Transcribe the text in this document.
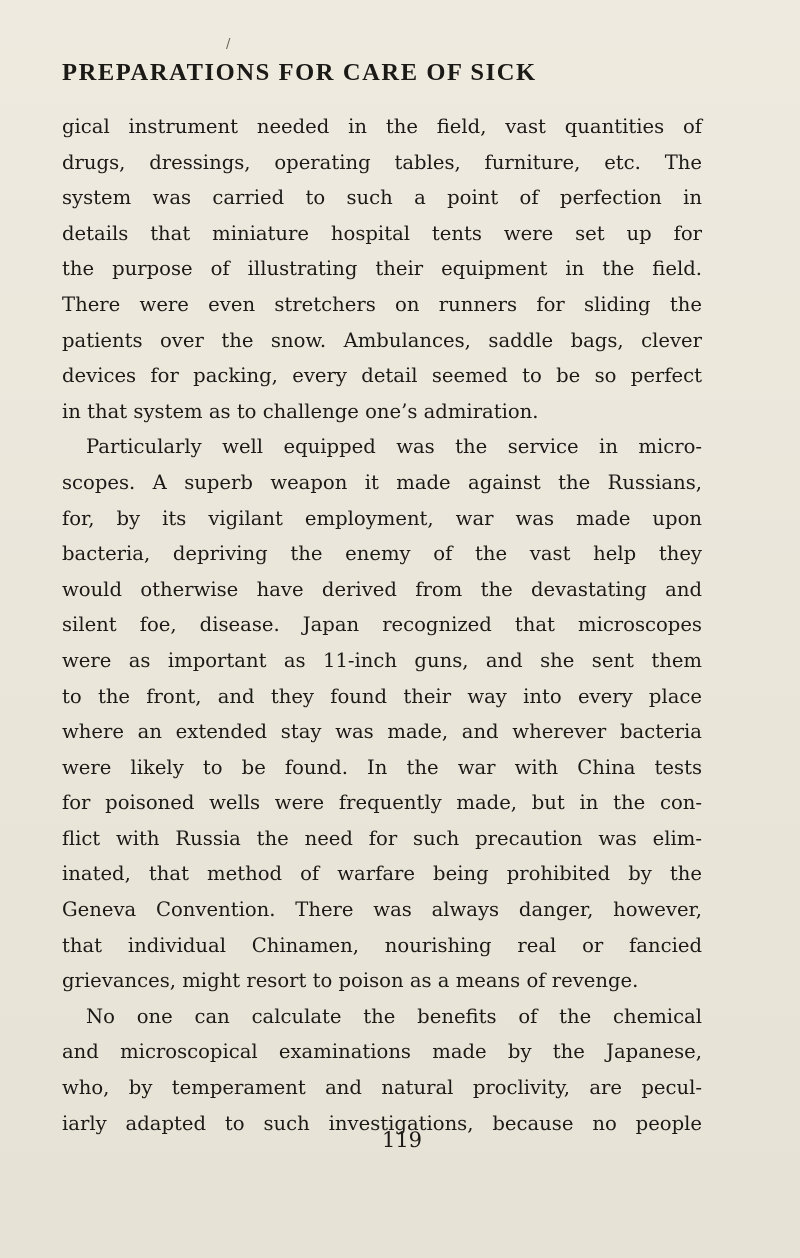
/
PREPARATIONS FOR CARE OF SICK
gical instrument needed in the field, vast quantities of
drugs, dressings, operating tables, furniture, etc. The
system was carried to such a point of perfection in
details that miniature hospital tents were set up for
the purpose of illustrating their equipment in the field.
There were even stretchers on runners for sliding the
patients over the snow. Ambulances, saddle bags, clever
devices for packing, every detail seemed to be so perfect
in that system as to challenge one’s admiration.
Particularly well equipped was the service in micro-
scopes. A superb weapon it made against the Russians,
for, by its vigilant employment, war was made upon
bacteria, depriving the enemy of the vast help they
would otherwise have derived from the devastating and
silent foe, disease. Japan recognized that microscopes
were as important as 11-inch guns, and she sent them
to the front, and they found their way into every place
where an extended stay was made, and wherever bacteria
were likely to be found. In the war with China tests
for poisoned wells were frequently made, but in the con-
flict with Russia the need for such precaution was elim-
inated, that method of warfare being prohibited by the
Geneva Convention. There was always danger, however,
that individual Chinamen, nourishing real or fancied
grievances, might resort to poison as a means of revenge.
No one can calculate the benefits of the chemical
and microscopical examinations made by the Japanese,
who, by temperament and natural proclivity, are pecul-
iarly adapted to such investigations, because no people
119
